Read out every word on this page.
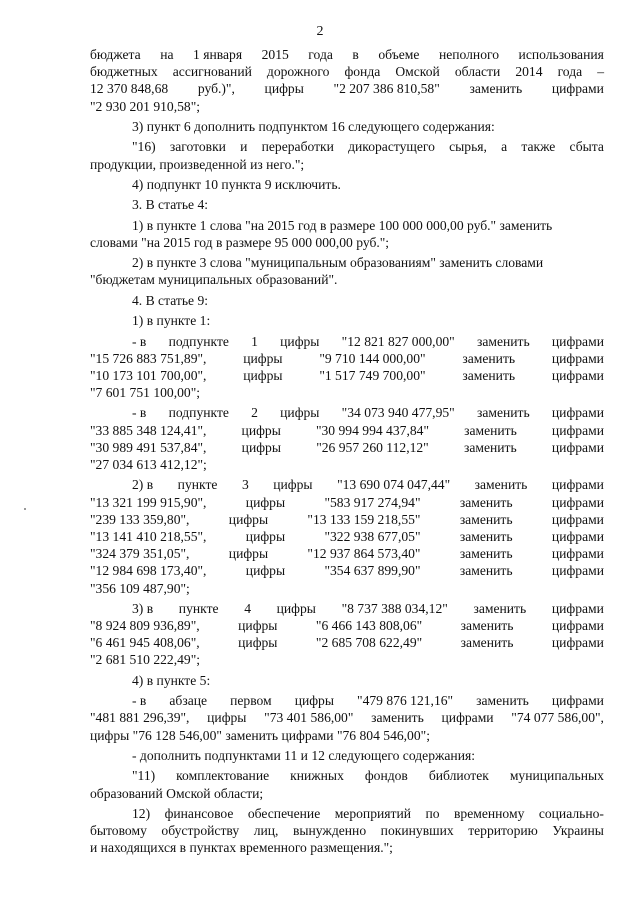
2
бюджета на 1 января 2015 года в объеме неполного использования
бюджетных ассигнований дорожного фонда Омской области 2014 года –
12 370 848,68 руб.)", цифры "2 207 386 810,58" заменить цифрами
"2 930 201 910,58";
3) пункт 6 дополнить подпунктом 16 следующего содержания:
"16) заготовки и переработки дикорастущего сырья, а также сбыта
продукции, произведенной из него.";
4) подпункт 10 пункта 9 исключить.
3. В статье 4:
1) в пункте 1 слова "на 2015 год в размере 100 000 000,00 руб." заменить
словами "на 2015 год в размере 95 000 000,00 руб.";
2) в пункте 3 слова "муниципальным образованиям" заменить словами
"бюджетам муниципальных образований".
4. В статье 9:
1) в пункте 1:
- в подпункте 1 цифры "12 821 827 000,00" заменить цифрами
"15 726 883 751,89",	цифры	"9 710 144 000,00"	заменить	цифрами
"10 173 101 700,00",	цифры	"1 517 749 700,00"	заменить	цифрами
"7 601 751 100,00";
- в подпункте 2 цифры "34 073 940 477,95" заменить цифрами
"33 885 348 124,41",	цифры	"30 994 994 437,84"	заменить	цифрами
"30 989 491 537,84",	цифры	"26 957 260 112,12"	заменить	цифрами
"27 034 613 412,12";
2) в пункте 3 цифры "13 690 074 047,44" заменить цифрами
"13 321 199 915,90",	цифры	"583 917 274,94"	заменить	цифрами
"239 133 359,80",	цифры	"13 133 159 218,55"	заменить	цифрами
"13 141 410 218,55",	цифры	"322 938 677,05"	заменить	цифрами
"324 379 351,05",	цифры	"12 937 864 573,40"	заменить	цифрами
"12 984 698 173,40",	цифры	"354 637 899,90"	заменить	цифрами
"356 109 487,90";
3) в пункте 4 цифры "8 737 388 034,12" заменить цифрами
"8 924 809 936,89",	цифры	"6 466 143 808,06"	заменить	цифрами
"6 461 945 408,06",	цифры	"2 685 708 622,49"	заменить	цифрами
"2 681 510 222,49";
4) в пункте 5:
- в абзаце первом цифры "479 876 121,16" заменить цифрами
"481 881 296,39", цифры "73 401 586,00" заменить цифрами "74 077 586,00",
цифры "76 128 546,00" заменить цифрами "76 804 546,00";
- дополнить подпунктами 11 и 12 следующего содержания:
"11) комплектование книжных фондов библиотек муниципальных
образований Омской области;
12) финансовое обеспечение мероприятий по временному социально-
бытовому обустройству лиц, вынужденно покинувших территорию Украины
и находящихся в пунктах временного размещения.";
